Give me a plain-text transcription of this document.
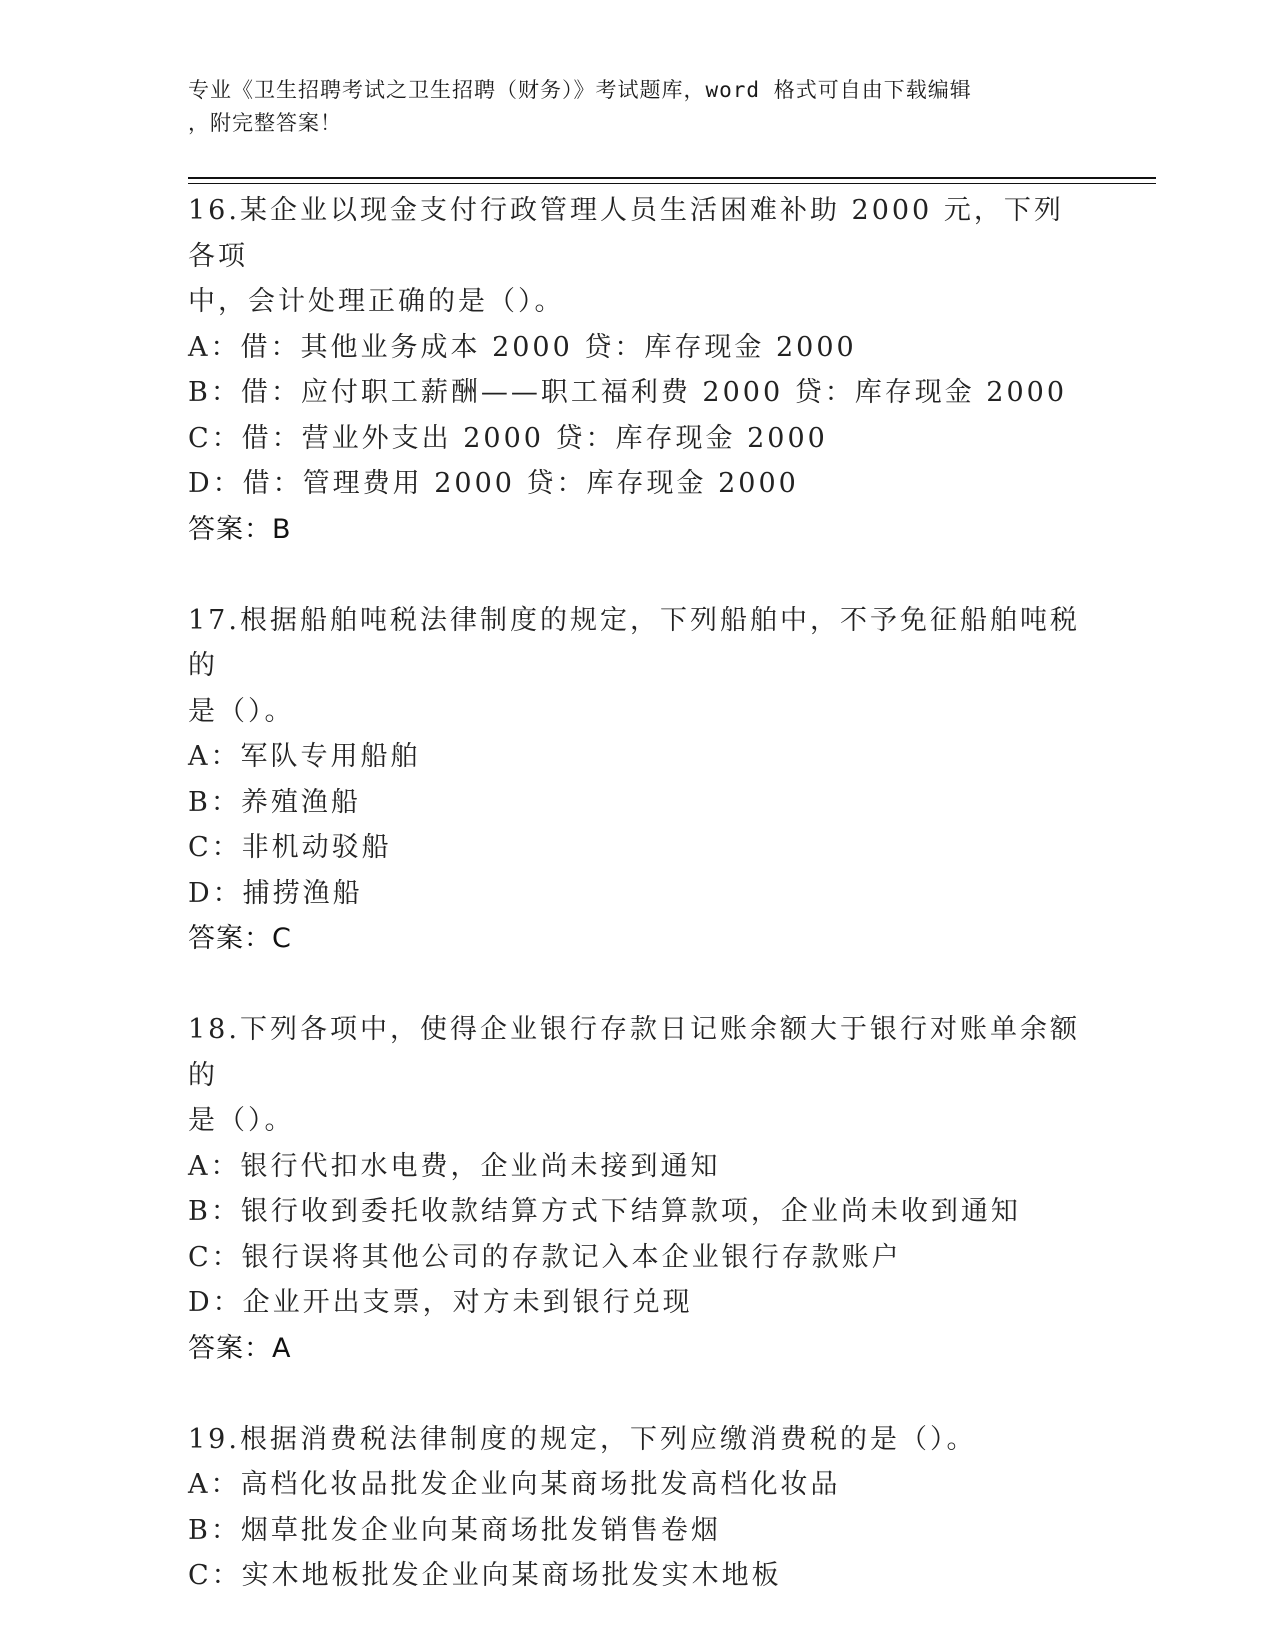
专业《卫生招聘考试之卫生招聘（财务）》考试题库，word 格式可自由下载编辑
，附完整答案！
16.某企业以现金支付行政管理人员生活困难补助 2000 元，下列各项
中，会计处理正确的是（）。
A：借：其他业务成本 2000 贷：库存现金 2000
B：借：应付职工薪酬——职工福利费 2000 贷：库存现金 2000
C：借：营业外支出 2000 贷：库存现金 2000
D：借：管理费用 2000 贷：库存现金 2000
答案：B
17.根据船舶吨税法律制度的规定，下列船舶中，不予免征船舶吨税的
是（）。
A：军队专用船舶
B：养殖渔船
C：非机动驳船
D：捕捞渔船
答案：C
18.下列各项中，使得企业银行存款日记账余额大于银行对账单余额的
是（）。
A：银行代扣水电费，企业尚未接到通知
B：银行收到委托收款结算方式下结算款项，企业尚未收到通知
C：银行误将其他公司的存款记入本企业银行存款账户
D：企业开出支票，对方未到银行兑现
答案：A
19.根据消费税法律制度的规定，下列应缴消费税的是（）。
A：高档化妆品批发企业向某商场批发高档化妆品
B：烟草批发企业向某商场批发销售卷烟
C：实木地板批发企业向某商场批发实木地板
